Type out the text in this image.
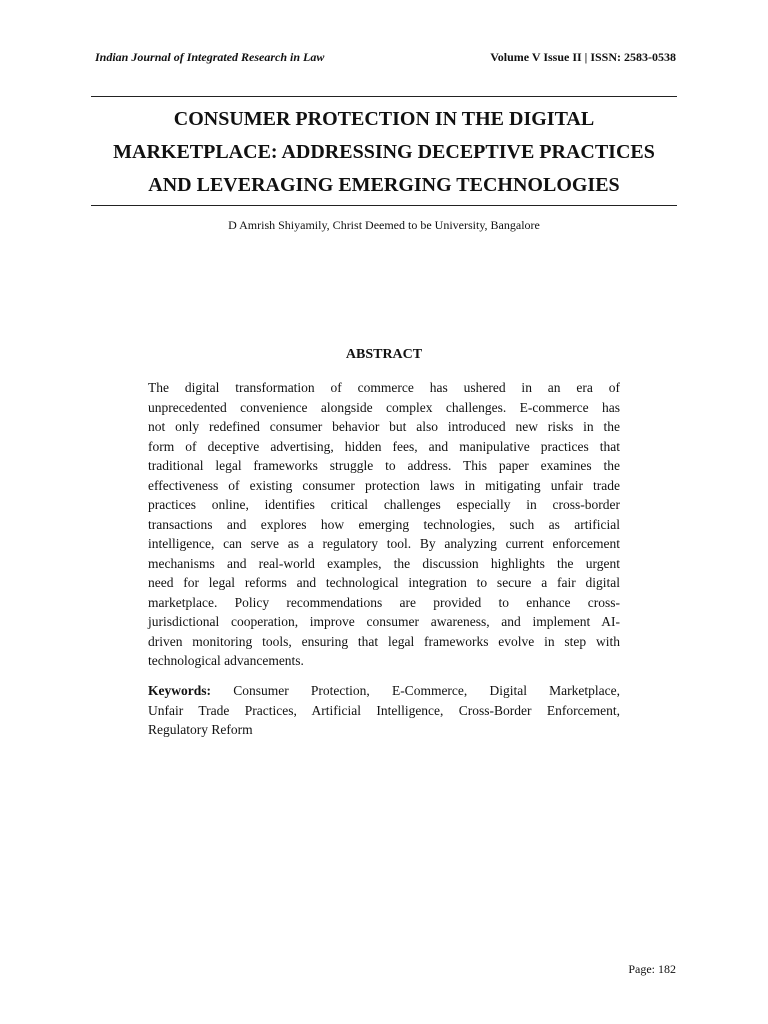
Indian Journal of Integrated Research in Law	Volume V Issue II | ISSN: 2583-0538
CONSUMER PROTECTION IN THE DIGITAL
MARKETPLACE: ADDRESSING DECEPTIVE PRACTICES
AND LEVERAGING EMERGING TECHNOLOGIES
D Amrish Shiyamily, Christ Deemed to be University, Bangalore
ABSTRACT
The digital transformation of commerce has ushered in an era of
unprecedented convenience alongside complex challenges. E-commerce has
not only redefined consumer behavior but also introduced new risks in the
form of deceptive advertising, hidden fees, and manipulative practices that
traditional legal frameworks struggle to address. This paper examines the
effectiveness of existing consumer protection laws in mitigating unfair trade
practices online, identifies critical challenges especially in cross-border
transactions and explores how emerging technologies, such as artificial
intelligence, can serve as a regulatory tool. By analyzing current enforcement
mechanisms and real-world examples, the discussion highlights the urgent
need for legal reforms and technological integration to secure a fair digital
marketplace. Policy recommendations are provided to enhance cross-
jurisdictional cooperation, improve consumer awareness, and implement AI-
driven monitoring tools, ensuring that legal frameworks evolve in step with
technological advancements.
Keywords: Consumer Protection, E-Commerce, Digital Marketplace,
Unfair Trade Practices, Artificial Intelligence, Cross-Border Enforcement,
Regulatory Reform
Page: 182
